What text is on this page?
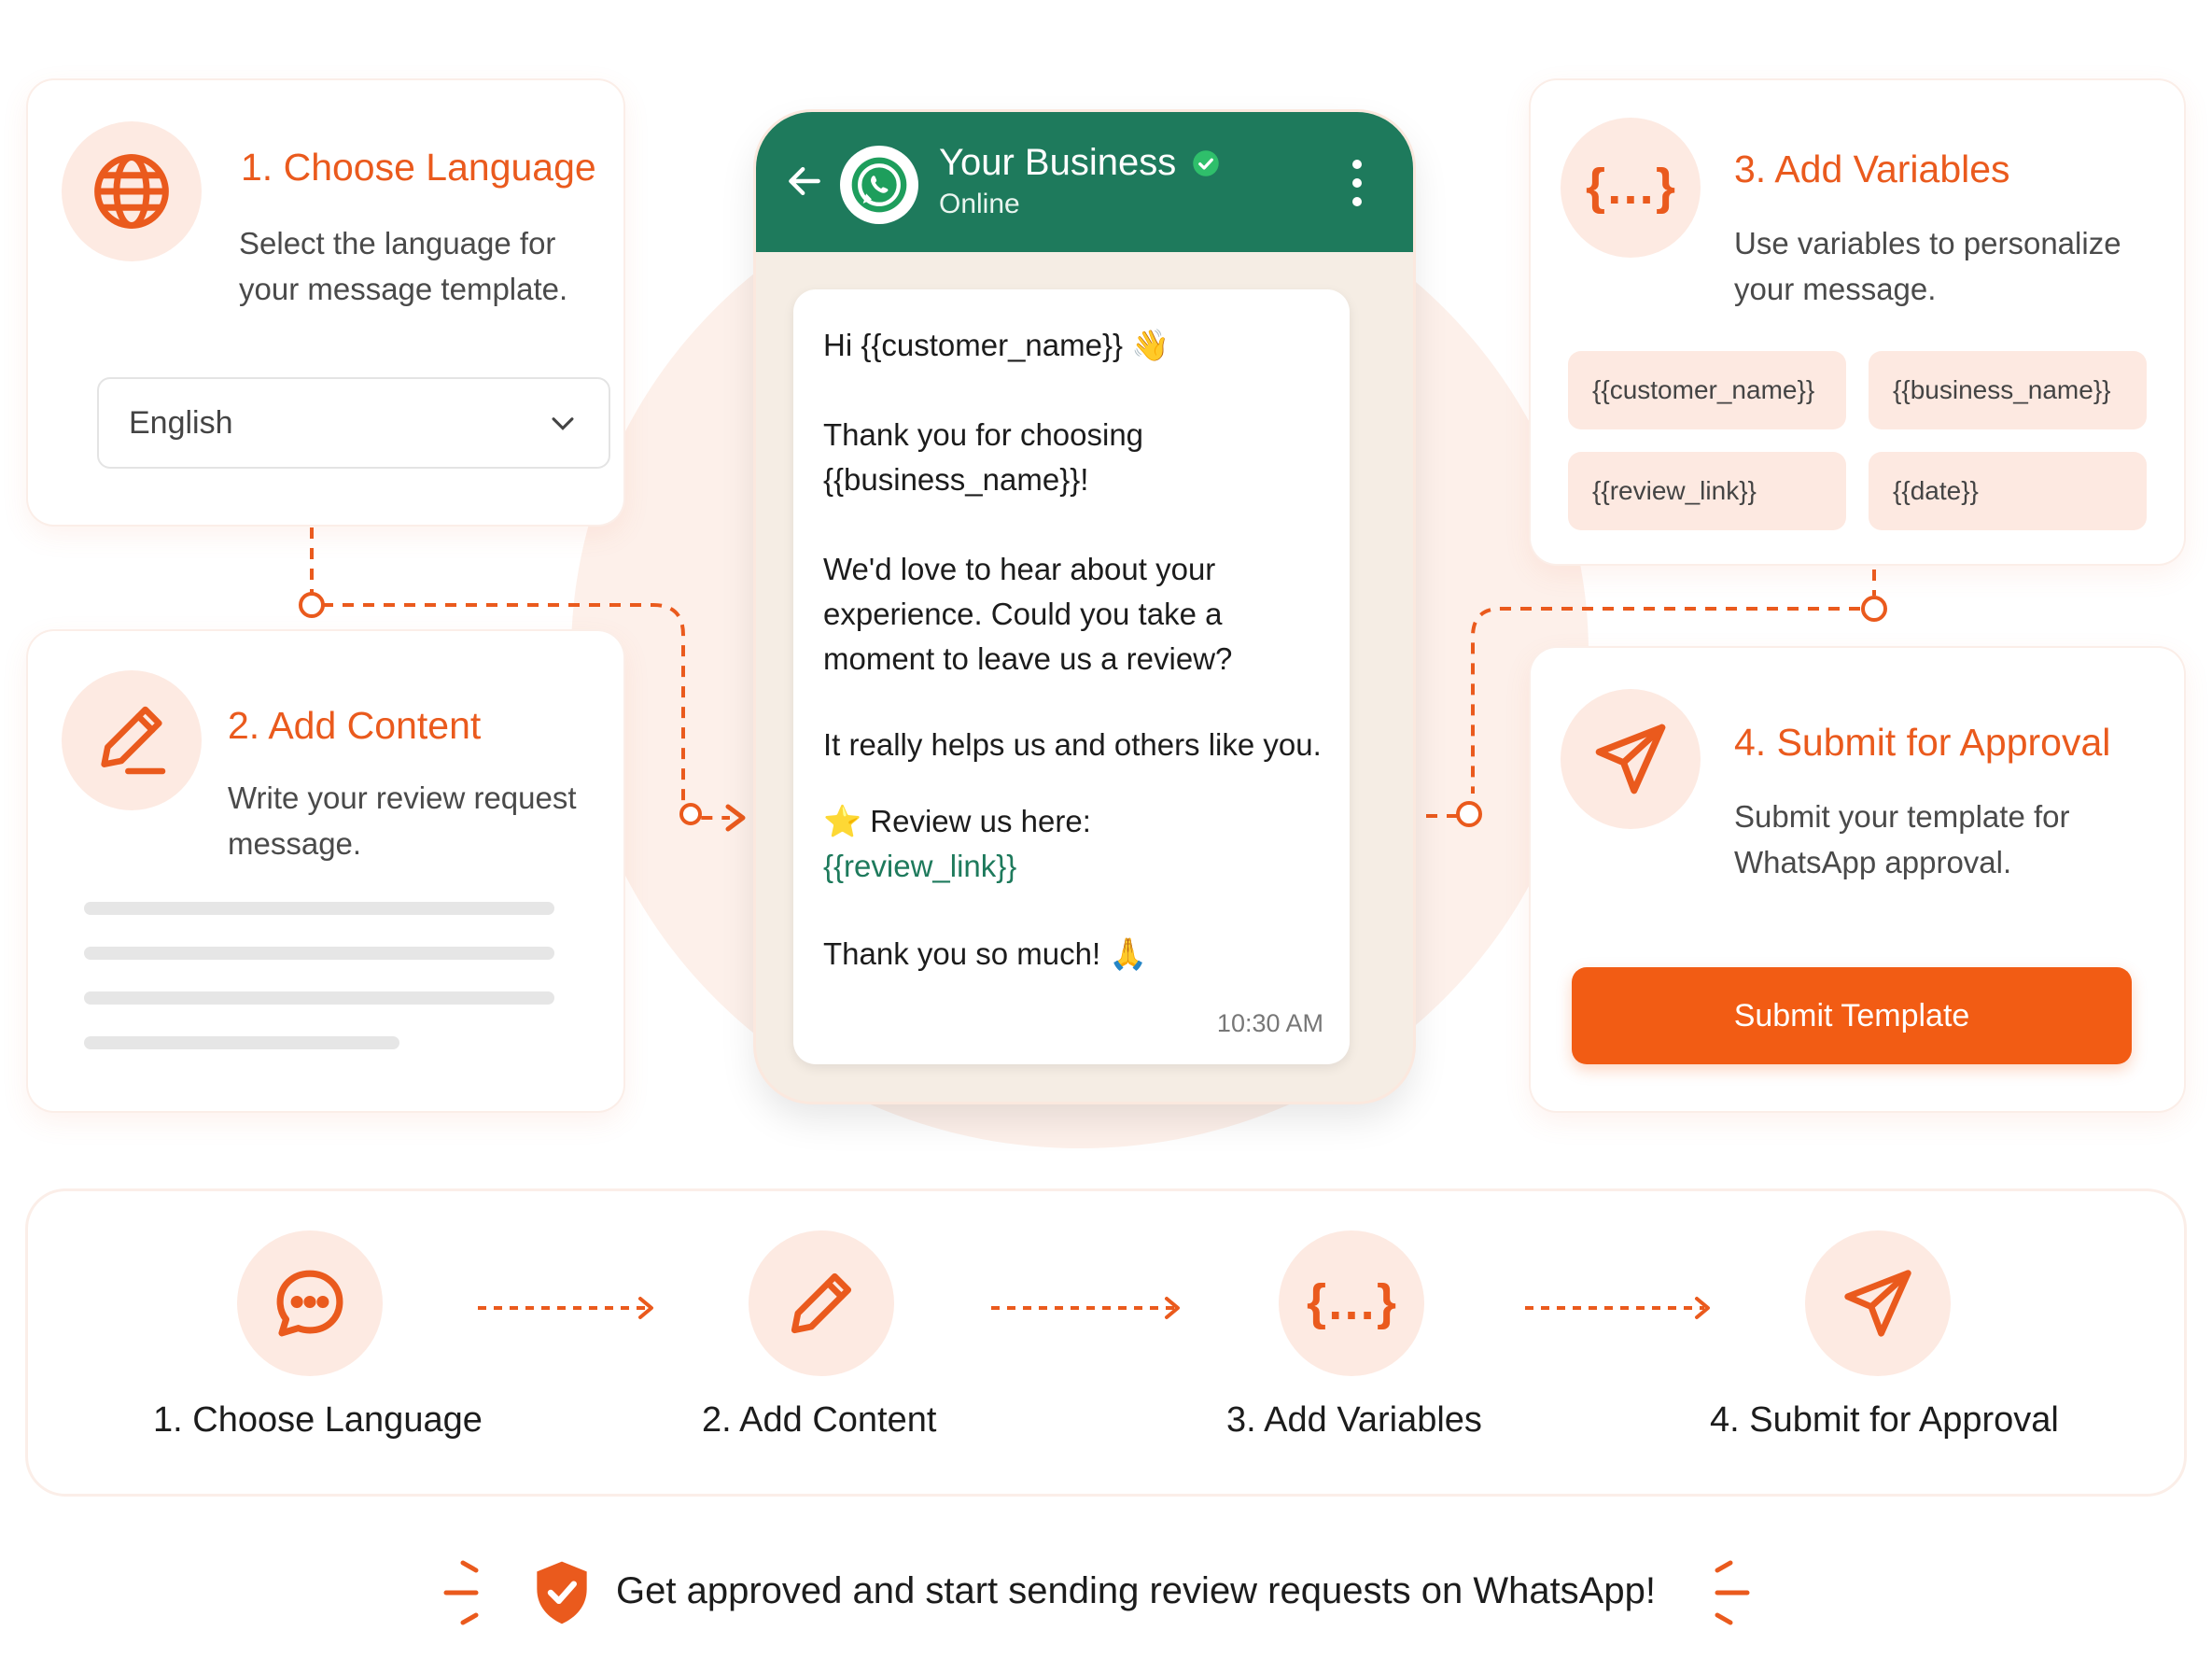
1. Choose Language
Select the language for your message template.
English
2. Add Content
Write your review request message.
{…} 3. Add Variables
Use variables to personalize your message.
{{customer_name}}	{{business_name}}
{{review_link}}	{{date}}
4. Submit for Approval
Submit your template for WhatsApp approval.
Submit Template
Your Business
Online
Hi {{customer_name}} 👋
Thank you for choosing {{business_name}}!
We'd love to hear about your experience. Could you take a moment to leave us a review?
It really helps us and others like you.
⭐ Review us here:
{{review_link}}
Thank you so much! 🙏
10:30 AM
{…}
1. Choose Language	2. Add Content	3. Add Variables	4. Submit for Approval
Get approved and start sending review requests on WhatsApp!
